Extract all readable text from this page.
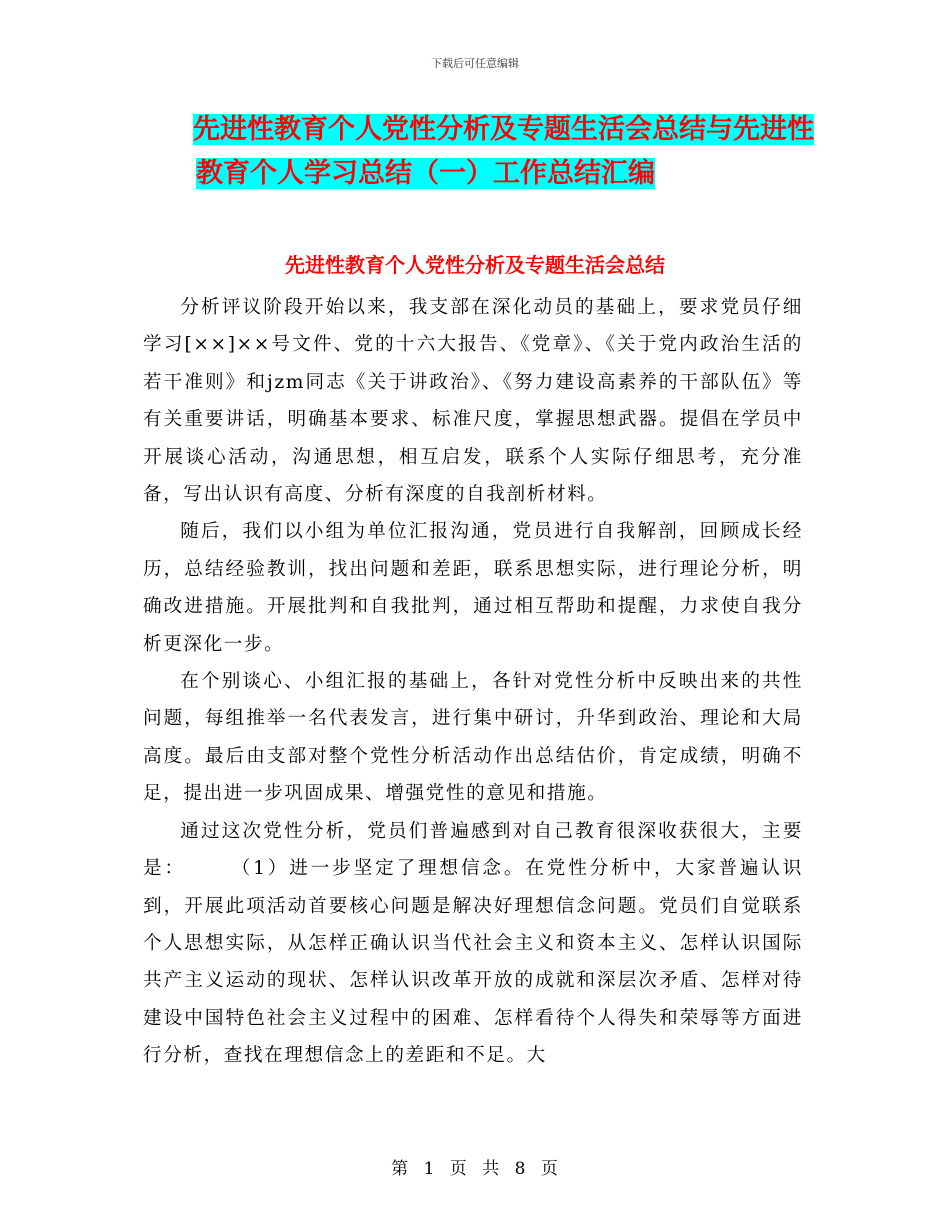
下载后可任意编辑
先进性教育个人党性分析及专题生活会总结与先进性
教育个人学习总结（一）工作总结汇编
先进性教育个人党性分析及专题生活会总结

分析评议阶段开始以来，我支部在深化动员的基础上，要求党员仔细学习[××]××号文件、党的十六大报告、《党章》、《关于党内政治生活的若干准则》和jzm同志《关于讲政治》、《努力建设高素养的干部队伍》等有关重要讲话，明确基本要求、标准尺度，掌握思想武器。提倡在学员中开展谈心活动，沟通思想，相互启发，联系个人实际仔细思考，充分准备，写出认识有高度、分析有深度的自我剖析材料。

随后，我们以小组为单位汇报沟通，党员进行自我解剖，回顾成长经历，总结经验教训，找出问题和差距，联系思想实际，进行理论分析，明确改进措施。开展批判和自我批判，通过相互帮助和提醒，力求使自我分析更深化一步。

在个别谈心、小组汇报的基础上，各针对党性分析中反映出来的共性问题，每组推举一名代表发言，进行集中研讨，升华到政治、理论和大局高度。最后由支部对整个党性分析活动作出总结估价，肯定成绩，明确不足，提出进一步巩固成果、增强党性的意见和措施。

通过这次党性分析，党员们普遍感到对自己教育很深收获很大，主要是：　　　（1）进一步坚定了理想信念。在党性分析中，大家普遍认识到，开展此项活动首要核心问题是解决好理想信念问题。党员们自觉联系个人思想实际，从怎样正确认识当代社会主义和资本主义、怎样认识国际共产主义运动的现状、怎样认识改革开放的成就和深层次矛盾、怎样对待建设中国特色社会主义过程中的困难、怎样看待个人得失和荣辱等方面进行分析，查找在理想信念上的差距和不足。大

第 1 页 共 8 页
